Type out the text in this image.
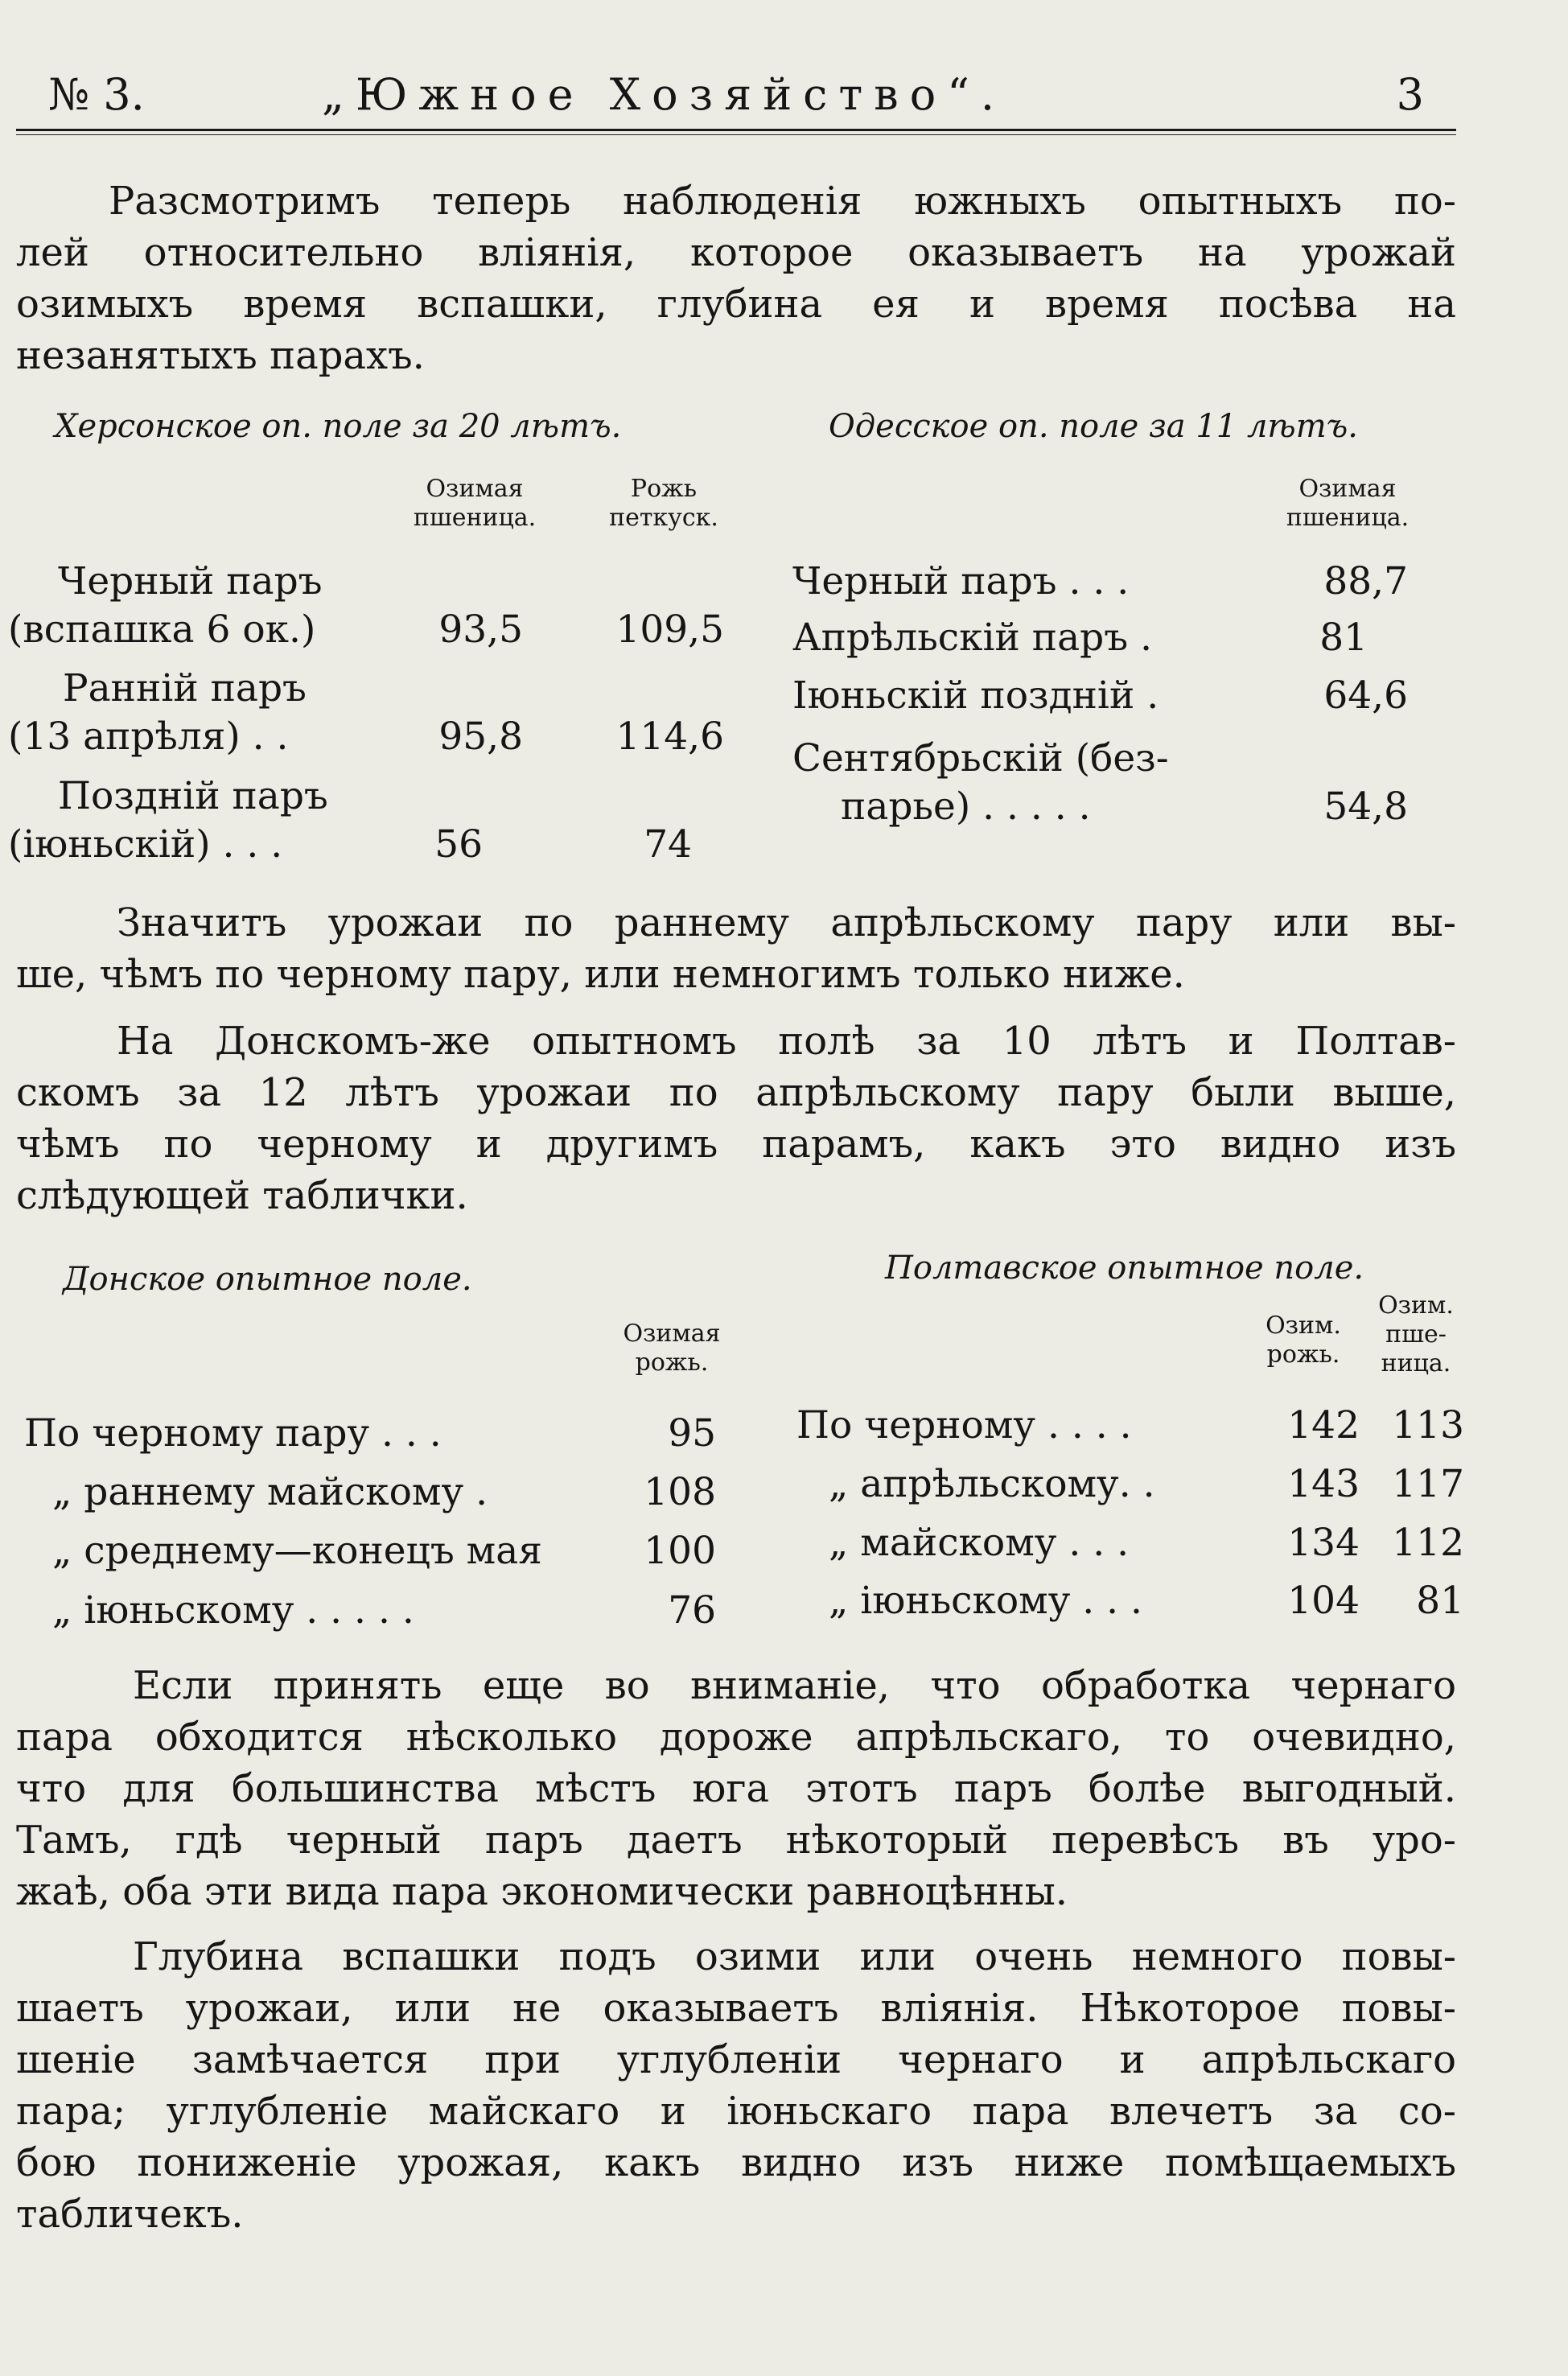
№ 3.	„Южное Хозяйство“.	3
Разсмотримъ теперь наблюденія южныхъ опытныхъ по-
лей относительно вліянія, которое оказываетъ на урожай
озимыхъ время вспашки, глубина ея и время посѣва на
незанятыхъ парахъ.
Херсонское оп. поле за 20 лѣтъ.
Озимая
пшеница.
Рожь
петкуск.
Черный паръ
(вспашка 6 ок.)	93,5	109,5
Ранній паръ
(13 апрѣля) . .	95,8	114,6
Поздній паръ
(іюньскій) . . .	56	74
Одесское оп. поле за 11 лѣтъ.
Озимая
пшеница.
Черный паръ . . .	88,7
Апрѣльскій паръ .	81
Іюньскій поздній .	64,6
Сентябрьскій (без-
парье) . . . . .	54,8
Значитъ урожаи по раннему апрѣльскому пару или вы-
ше, чѣмъ по черному пару, или немногимъ только ниже.
На Донскомъ-же опытномъ полѣ за 10 лѣтъ и Полтав-
скомъ за 12 лѣтъ урожаи по апрѣльскому пару были выше,
чѣмъ по черному и другимъ парамъ, какъ это видно изъ
слѣдующей таблички.
Донское опытное поле.
Озимая
рожь.
По черному пару . . .	95
„ раннему майскому .	108
„ среднему—конецъ мая	100
„ іюньскому . . . . .	76
Полтавское опытное поле.
Озим.
рожь.
Озим.
пше-
ница.
По черному . . . .	142 113
„ апрѣльскому. .	143 117
„ майскому . . .	134 112
„ іюньскому . . .	104	81
Если принять еще во вниманіе, что обработка чернаго
пара обходится нѣсколько дороже апрѣльскаго, то очевидно,
что для большинства мѣстъ юга этотъ паръ болѣе выгодный.
Тамъ, гдѣ черный паръ даетъ нѣкоторый перевѣсъ въ уро-
жаѣ, оба эти вида пара экономически равноцѣнны.
Глубина вспашки подъ озими или очень немного повы-
шаетъ урожаи, или не оказываетъ вліянія. Нѣкоторое повы-
шеніе замѣчается при углубленіи чернаго и апрѣльскаго
пара; углубленіе майскаго и іюньскаго пара влечетъ за со-
бою пониженіе урожая, какъ видно изъ ниже помѣщаемыхъ
табличекъ.
